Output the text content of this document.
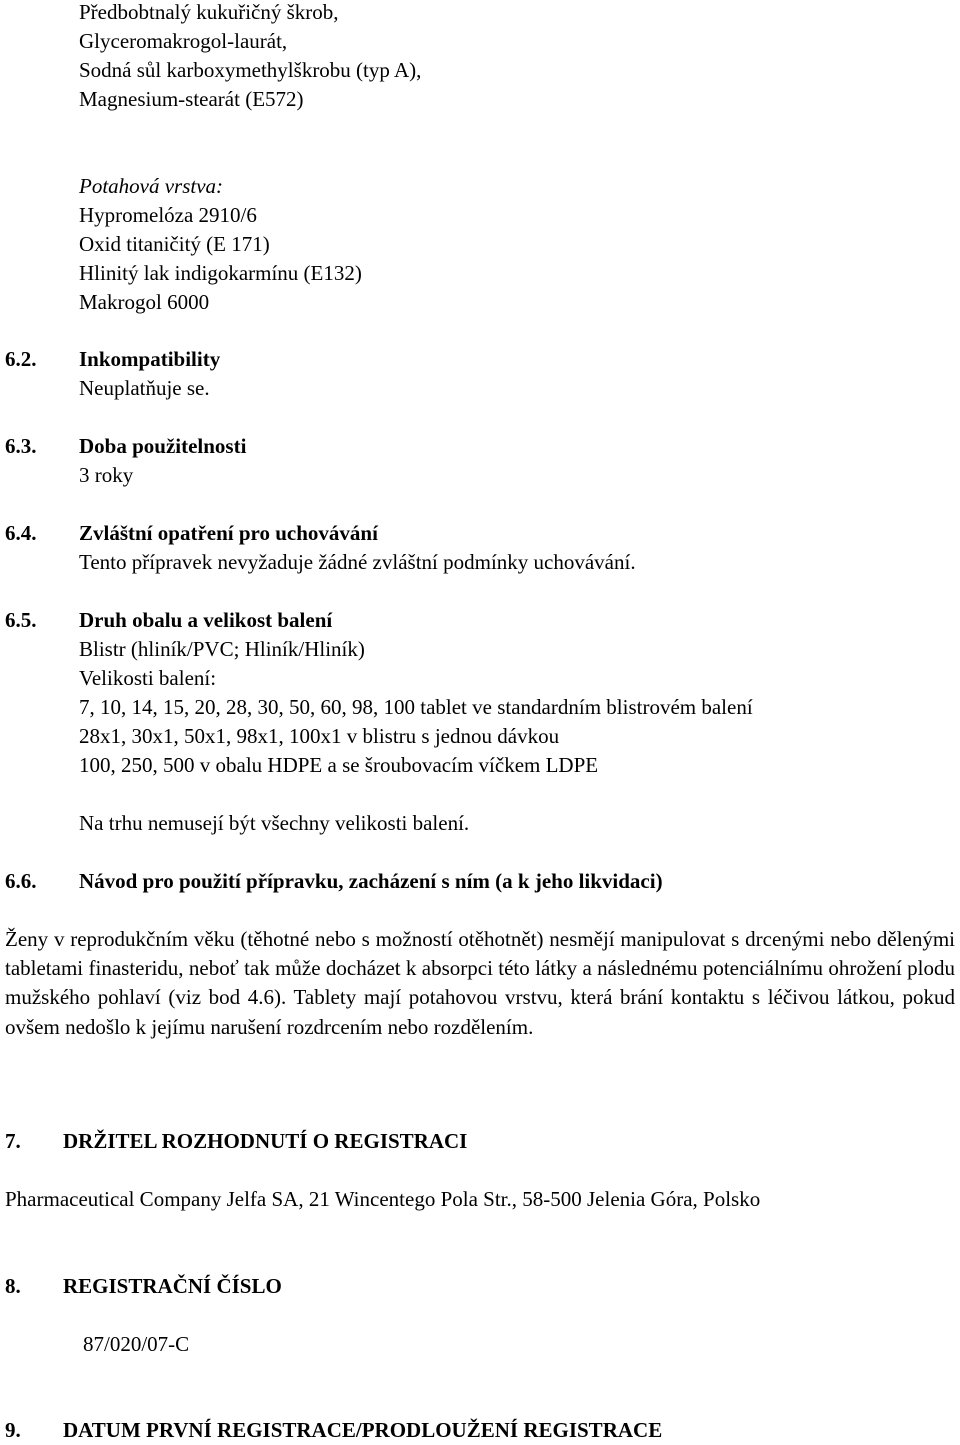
Předbobtnalý kukuřičný škrob,

Glyceromakrogol-laurát,

Sodná sůl karboxymethylškrobu (typ A),

Magnesium-stearát (E572)

Potahová vrstva:

Hypromelóza 2910/6

Oxid titaničitý (E 171)

Hlinitý lak indigokarmínu (E132)

Makrogol 6000

6.2. Inkompatibility

Neuplatňuje se.

6.3. Doba použitelnosti

3 roky

6.4. Zvláštní opatření pro uchovávání

Tento přípravek nevyžaduje žádné zvláštní podmínky uchovávání.

6.5. Druh obalu a velikost balení

Blistr (hliník/PVC; Hliník/Hliník)

Velikosti balení:

7, 10, 14, 15, 20, 28, 30, 50, 60, 98, 100 tablet ve standardním blistrovém balení

28x1, 30x1, 50x1, 98x1, 100x1 v blistru s jednou dávkou

100, 250, 500 v obalu HDPE a se šroubovacím víčkem LDPE

Na trhu nemusejí být všechny velikosti balení.

6.6. Návod pro použití přípravku, zacházení s ním (a k jeho likvidaci)

Ženy v reprodukčním věku (těhotné nebo s možností otěhotnět) nesmějí manipulovat s drcenými nebo dělenými tabletami finasteridu, neboť tak může docházet k absorpci této látky a následnému potenciálnímu ohrožení plodu mužského pohlaví (viz bod 4.6). Tablety mají potahovou vrstvu, která brání kontaktu s léčivou látkou, pokud ovšem nedošlo k jejímu narušení rozdrcením nebo rozdělením.

7. DRŽITEL ROZHODNUTÍ O REGISTRACI

Pharmaceutical Company Jelfa SA, 21 Wincentego Pola Str., 58-500 Jelenia Góra, Polsko

8. REGISTRAČNÍ ČÍSLO

87/020/07-C

9. DATUM PRVNÍ REGISTRACE/PRODLOUŽENÍ REGISTRACE
